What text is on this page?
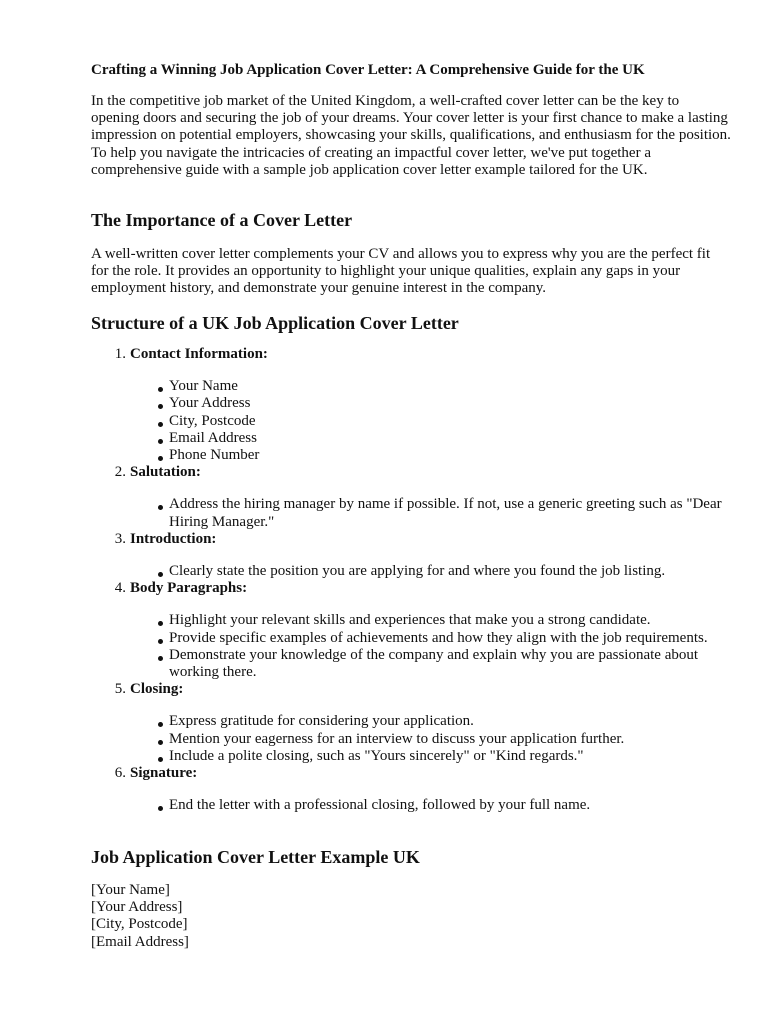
Crafting a Winning Job Application Cover Letter: A Comprehensive Guide for the UK

In the competitive job market of the United Kingdom, a well-crafted cover letter can be the key to opening doors and securing the job of your dreams. Your cover letter is your first chance to make a lasting impression on potential employers, showcasing your skills, qualifications, and enthusiasm for the position. To help you navigate the intricacies of creating an impactful cover letter, we've put together a comprehensive guide with a sample job application cover letter example tailored for the UK.

The Importance of a Cover Letter

A well-written cover letter complements your CV and allows you to express why you are the perfect fit for the role. It provides an opportunity to highlight your unique qualities, explain any gaps in your employment history, and demonstrate your genuine interest in the company.

Structure of a UK Job Application Cover Letter
1. Contact Information:
Your Name
Your Address
City, Postcode
Email Address
Phone Number
2. Salutation:
Address the hiring manager by name if possible. If not, use a generic greeting such as "Dear Hiring Manager."
3. Introduction:
Clearly state the position you are applying for and where you found the job listing.
4. Body Paragraphs:
Highlight your relevant skills and experiences that make you a strong candidate.
Provide specific examples of achievements and how they align with the job requirements.
Demonstrate your knowledge of the company and explain why you are passionate about working there.
5. Closing:
Express gratitude for considering your application.
Mention your eagerness for an interview to discuss your application further.
Include a polite closing, such as "Yours sincerely" or "Kind regards."
6. Signature:
End the letter with a professional closing, followed by your full name.
Job Application Cover Letter Example UK
[Your Name]
[Your Address]
[City, Postcode]
[Email Address]
